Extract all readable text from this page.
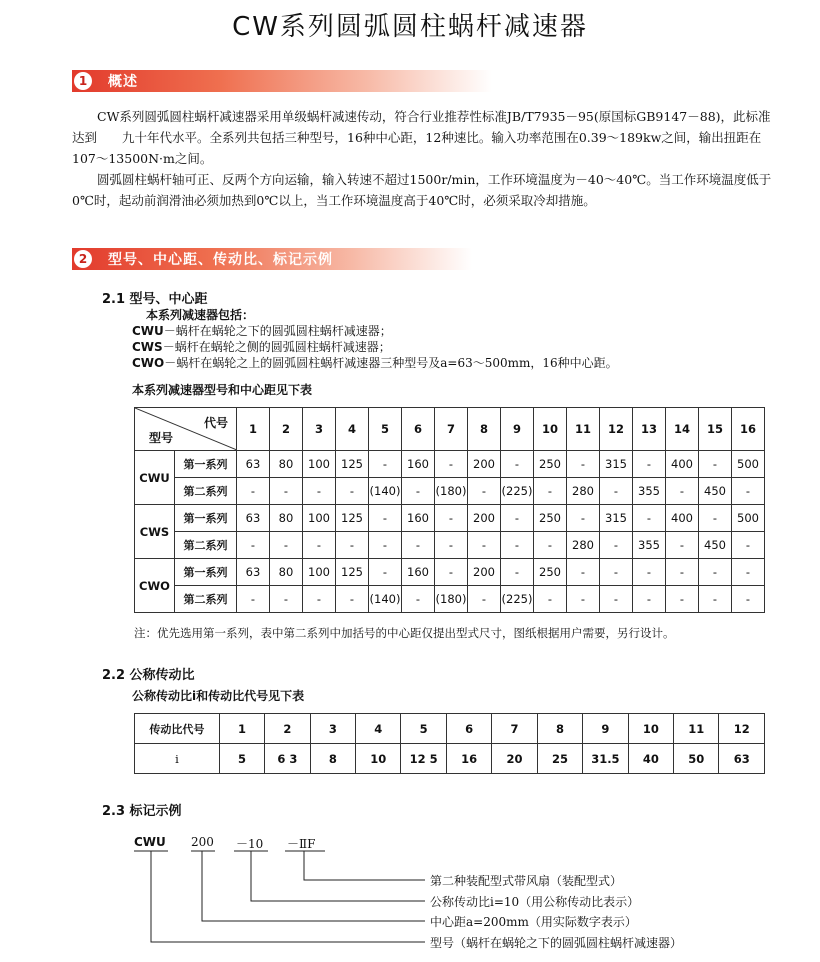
CW系列圆弧圆柱蜗杆减速器
1	概述
CW系列圆弧圆柱蜗杆减速器采用单级蜗杆减速传动，符合行业推荐性标准JB/T7935－95(原国标GB9147－88)，此标准达到　　九十年代水平。全系列共包括三种型号，16种中心距，12种速比。输入功率范围在0.39～189kw之间，输出扭距在107～13500N·m之间。
圆弧圆柱蜗杆轴可正、反两个方向运输，输入转速不超过1500r/min，工作环境温度为－40～40℃。当工作环境温度低于0℃时，起动前润滑油必须加热到0℃以上，当工作环境温度高于40℃时，必须采取冷却措施。
2	型号、中心距、传动比、标记示例
2.1 型号、中心距
本系列减速器包括：
CWU－蜗杆在蜗轮之下的圆弧圆柱蜗杆减速器；
CWS－蜗杆在蜗轮之侧的圆弧圆柱蜗杆减速器；
CWO－蜗杆在蜗轮之上的圆弧圆柱蜗杆减速器三种型号及a=63～500mm，16种中心距。
本系列减速器型号和中心距见下表
代号
型号		1	2	3	4	5	6	7	8	9	10	11	12	13	14	15	16
CWU	第一系列	63	80	100	125	-	160	-	200	-	250	-	315	-	400	-	500
	第二系列	-	-	-	-	(140)	-	(180)	-	(225)	-	280	-	355	-	450	-
CWS	第一系列	63	80	100	125	-	160	-	200	-	250	-	315	-	400	-	500
	第二系列	-	-	-	-	-	-	-	-	-	-	280	-	355	-	450	-
CWO	第一系列	63	80	100	125	-	160	-	200	-	250	-	-	-	-	-	-
	第二系列	-	-	-	-	(140)	-	(180)	-	(225)	-	-	-	-	-	-	-
注：优先选用第一系列，表中第二系列中加括号的中心距仅提出型式尺寸，图纸根据用户需要，另行设计。
2.2 公称传动比
公称传动比i和传动比代号见下表
传动比代号	1	2	3	4	5	6	7	8	9	10	11	12
i	5	6 3	8	10	12 5	16	20	25	31.5	40	50	63
2.3 标记示例
CWU 200 －10 －ⅡF
第二种装配型式带风扇（装配型式）
公称传动比i=10（用公称传动比表示）
中心距a=200mm（用实际数字表示）
型号（蜗杆在蜗轮之下的圆弧圆柱蜗杆减速器）
